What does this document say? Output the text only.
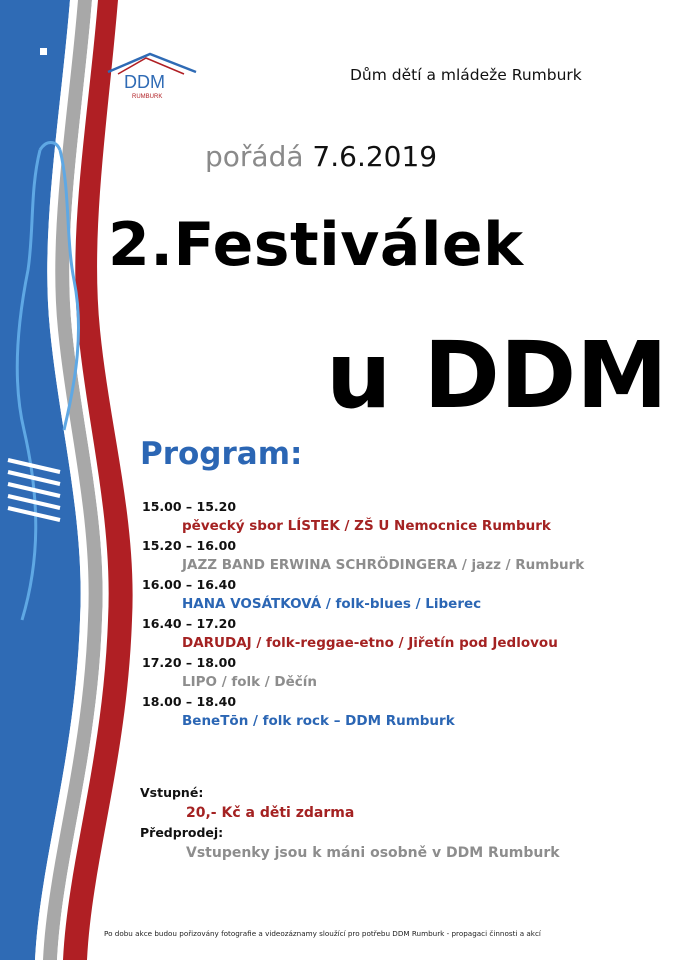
DDM
RUMBURK
Dům dětí a mládeže Rumburk
pořádá 7.6.2019
2.Festiválek
u DDM
Program:
15.00 – 15.20
pěvecký sbor LÍSTEK / ZŠ U Nemocnice Rumburk
15.20 – 16.00
JAZZ BAND ERWINA SCHRÖDINGERA / jazz / Rumburk
16.00 – 16.40
HANA VOSÁTKOVÁ / folk-blues / Liberec
16.40 – 17.20
DARUDAJ / folk-reggae-etno / Jiřetín pod Jedlovou
17.20 – 18.00
LIPO / folk / Děčín
18.00 – 18.40
BeneTōn / folk rock – DDM Rumburk
Vstupné:
20,- Kč a děti zdarma
Předprodej:
Vstupenky jsou k máni osobně v DDM Rumburk
Po dobu akce budou pořizovány fotografie a videozáznamy sloužící pro potřebu DDM Rumburk - propagaci činnosti a akcí
